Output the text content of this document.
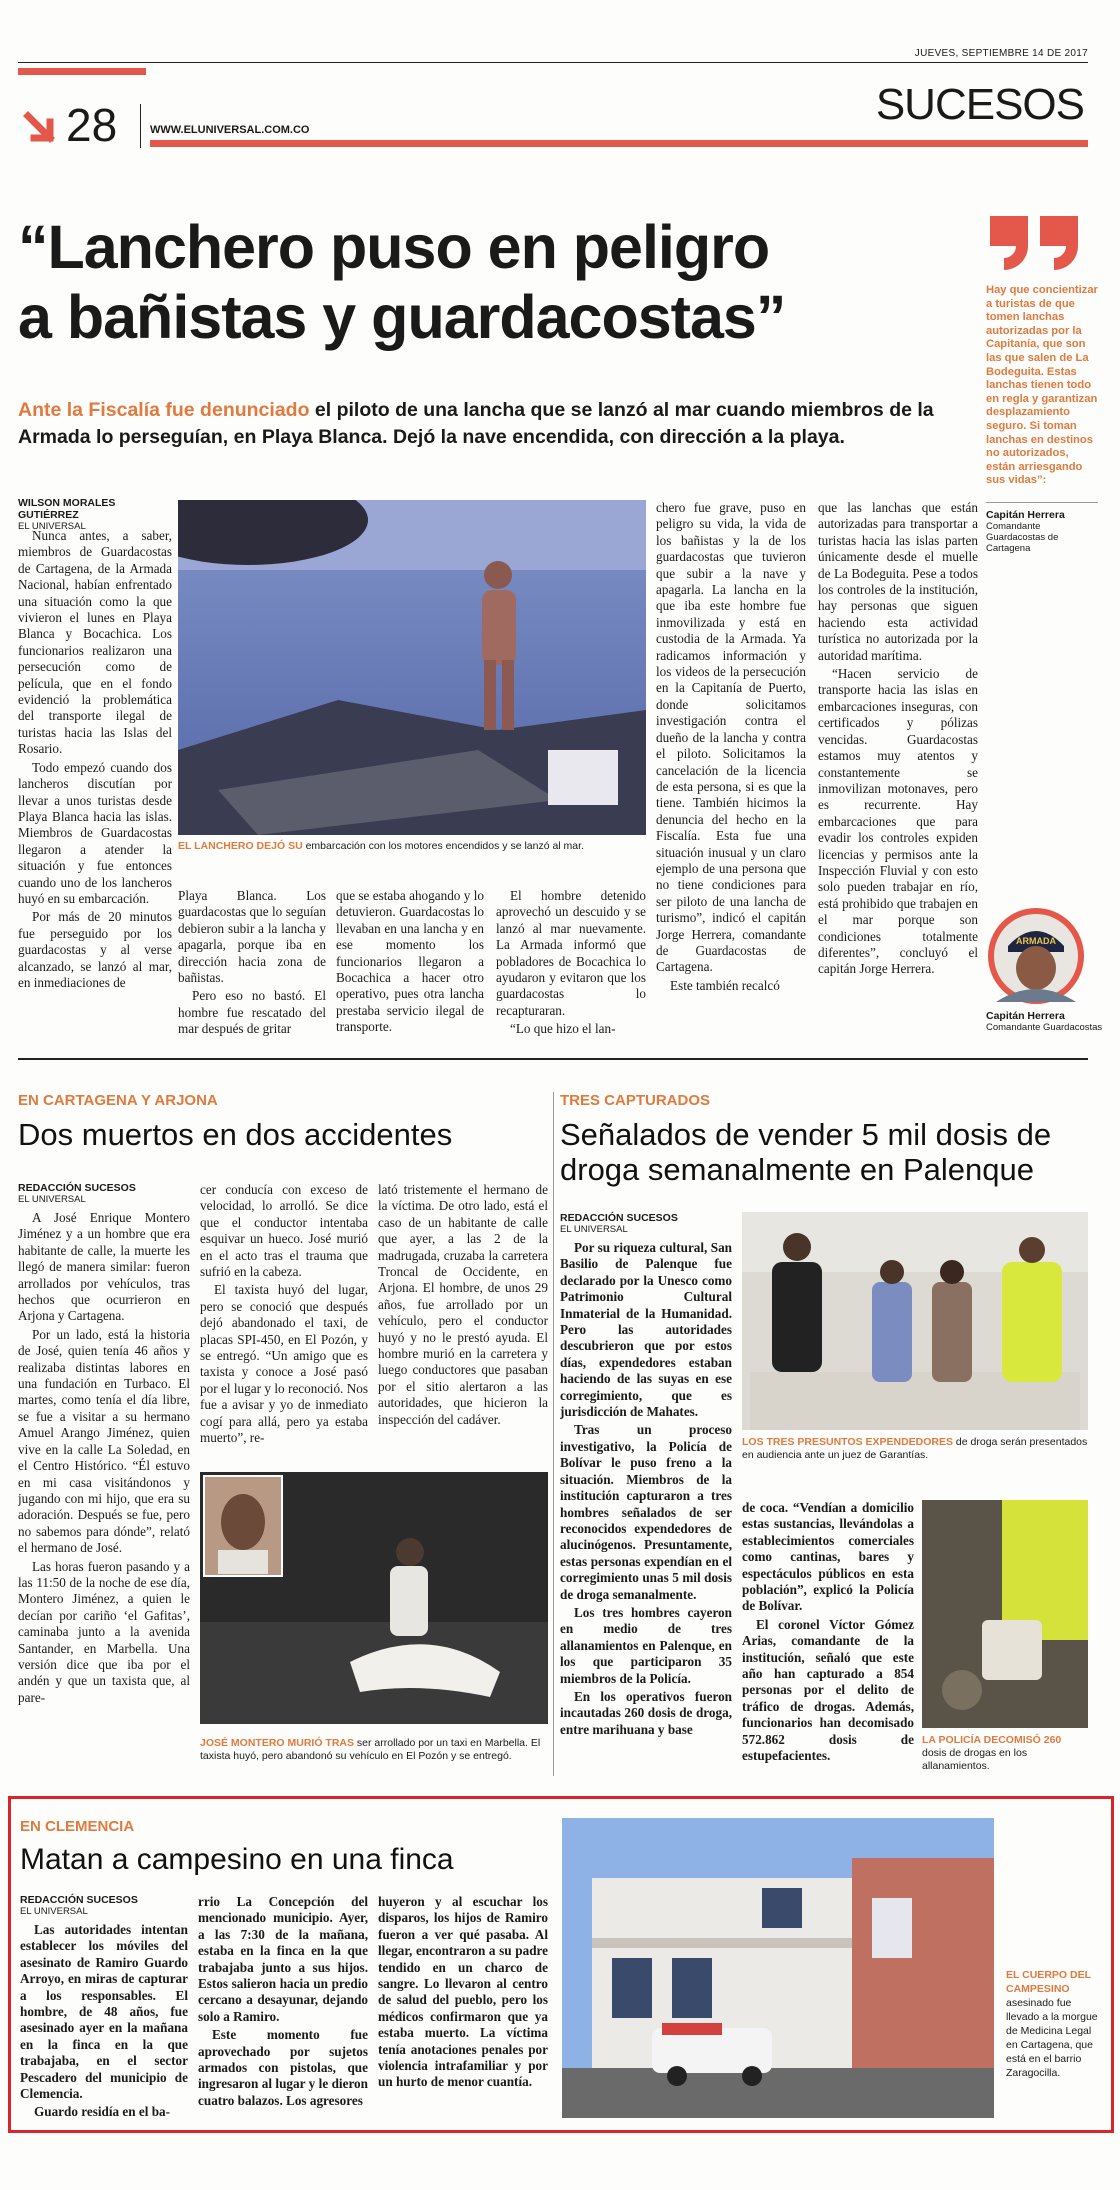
JUEVES, SEPTIEMBRE 14 DE 2017
28	WWW.ELUNIVERSAL.COM.CO
SUCESOS
“Lanchero puso en peligro
a bañistas y guardacostas”
Ante la Fiscalía fue denunciado el piloto de una lancha que se lanzó al mar cuando miembros de la Armada lo perseguían, en Playa Blanca. Dejó la nave encendida, con dirección a la playa.
Hay que concientizar a turistas de que tomen lanchas autorizadas por la Capitanía, que son las que salen de La Bodeguita. Estas lanchas tienen todo en regla y garantizan desplazamiento seguro. Si toman lanchas en destinos no autorizados, están arriesgando sus vidas”:
Capitán Herrera
Comandante Guardacostas de Cartagena
WILSON MORALES GUTIÉRREZ
EL UNIVERSAL

Nunca antes, a saber, miembros de Guardacostas de Cartagena, de la Armada Nacional, habían enfrentado una situación como la que vivieron el lunes en Playa Blanca y Bocachica. Los funcionarios realizaron una persecución como de película, que en el fondo evidenció la problemática del transporte ilegal de turistas hacia las Islas del Rosario.

Todo empezó cuando dos lancheros discutían por llevar a unos turistas desde Playa Blanca hacia las islas. Miembros de Guardacostas llegaron a atender la situación y fue entonces cuando uno de los lancheros huyó en su embarcación.

Por más de 20 minutos fue perseguido por los guardacostas y al verse alcanzado, se lanzó al mar, en inmediaciones de

EL LANCHERO DEJÓ SU embarcación con los motores encendidos y se lanzó al mar.

Playa Blanca. Los guardacostas que lo seguían debieron subir a la lancha y apagarla, porque iba en dirección hacia zona de bañistas.

Pero eso no bastó. El hombre fue rescatado del mar después de gritar

que se estaba ahogando y lo detuvieron. Guardacostas lo llevaban en una lancha y en ese momento los funcionarios llegaron a Bocachica a hacer otro operativo, pues otra lancha prestaba servicio ilegal de transporte.

El hombre detenido aprovechó un descuido y se lanzó al mar nuevamente. La Armada informó que pobladores de Bocachica lo ayudaron y evitaron que los guardacostas lo recapturaran.

“Lo que hizo el lan-

chero fue grave, puso en peligro su vida, la vida de los bañistas y la de los guardacostas que tuvieron que subir a la nave y apagarla. La lancha en la que iba este hombre fue inmovilizada y está en custodia de la Armada. Ya radicamos información y los videos de la persecución en la Capitanía de Puerto, donde solicitamos investigación contra el dueño de la lancha y contra el piloto. Solicitamos la cancelación de la licencia de esta persona, si es que la tiene. También hicimos la denuncia del hecho en la Fiscalía. Esta fue una situación inusual y un claro ejemplo de una persona que no tiene condiciones para ser piloto de una lancha de turismo”, indicó el capitán Jorge Herrera, comandante de Guardacostas de Cartagena.

Este también recalcó

que las lanchas que están autorizadas para transportar a turistas hacia las islas parten únicamente desde el muelle de La Bodeguita. Pese a todos los controles de la institución, hay personas que siguen haciendo esta actividad turística no autorizada por la autoridad marítima.

“Hacen servicio de transporte hacia las islas en embarcaciones inseguras, con certificados y pólizas vencidas. Guardacostas estamos muy atentos y constantemente se inmovilizan motonaves, pero es recurrente. Hay embarcaciones que para evadir los controles expiden licencias y permisos ante la Inspección Fluvial y con esto solo pueden trabajar en río, está prohibido que trabajen en el mar porque son condiciones totalmente diferentes”, concluyó el capitán Jorge Herrera.

ARMADA
Capitán Herrera
Comandante Guardacostas
EN CARTAGENA Y ARJONA
Dos muertos en dos accidentes
REDACCIÓN SUCESOS
EL UNIVERSAL

A José Enrique Montero Jiménez y a un hombre que era habitante de calle, la muerte les llegó de manera similar: fueron arrollados por vehículos, tras hechos que ocurrieron en Arjona y Cartagena.

Por un lado, está la historia de José, quien tenía 46 años y realizaba distintas labores en una fundación en Turbaco. El martes, como tenía el día libre, se fue a visitar a su hermano Amuel Arango Jiménez, quien vive en la calle La Soledad, en el Centro Histórico. “Él estuvo en mi casa visitándonos y jugando con mi hijo, que era su adoración. Después se fue, pero no sabemos para dónde”, relató el hermano de José.

Las horas fueron pasando y a las 11:50 de la noche de ese día, Montero Jiménez, a quien le decían por cariño ‘el Gafitas’, caminaba junto a la avenida Santander, en Marbella. Una versión dice que iba por el andén y que un taxista que, al pare-

cer conducía con exceso de velocidad, lo arrolló. Se dice que el conductor intentaba esquivar un hueco. José murió en el acto tras el trauma que sufrió en la cabeza.

El taxista huyó del lugar, pero se conoció que después dejó abandonado el taxi, de placas SPI-450, en El Pozón, y se entregó. “Un amigo que es taxista y conoce a José pasó por el lugar y lo reconoció. Nos fue a avisar y yo de inmediato cogí para allá, pero ya estaba muerto”, re-

lató tristemente el hermano de la víctima. De otro lado, está el caso de un habitante de calle que ayer, a las 2 de la madrugada, cruzaba la carretera Troncal de Occidente, en Arjona. El hombre, de unos 29 años, fue arrollado por un vehículo, pero el conductor huyó y no le prestó ayuda. El hombre murió en la carretera y luego conductores que pasaban por el sitio alertaron a las autoridades, que hicieron la inspección del cadáver.

JOSÉ MONTERO MURIÓ TRAS ser arrollado por un taxi en Marbella. El taxista huyó, pero abandonó su vehículo en El Pozón y se entregó.
TRES CAPTURADOS
Señalados de vender 5 mil dosis de
droga semanalmente en Palenque
REDACCIÓN SUCESOS
EL UNIVERSAL

Por su riqueza cultural, San Basilio de Palenque fue declarado por la Unesco como Patrimonio Cultural Inmaterial de la Humanidad. Pero las autoridades descubrieron que por estos días, expendedores estaban haciendo de las suyas en ese corregimiento, que es jurisdicción de Mahates.

Tras un proceso investigativo, la Policía de Bolívar le puso freno a la situación. Miembros de la institución capturaron a tres hombres señalados de ser reconocidos expendedores de alucinógenos. Presuntamente, estas personas expendían en el corregimiento unas 5 mil dosis de droga semanalmente.

Los tres hombres cayeron en medio de tres allanamientos en Palenque, en los que participaron 35 miembros de la Policía.

En los operativos fueron incautadas 260 dosis de droga, entre marihuana y base

LOS TRES PRESUNTOS EXPENDEDORES de droga serán presentados en audiencia ante un juez de Garantías.

de coca. “Vendían a domicilio estas sustancias, llevándolas a establecimientos comerciales como cantinas, bares y espectáculos públicos en esta población”, explicó la Policía de Bolívar.

El coronel Víctor Gómez Arias, comandante de la institución, señaló que este año han capturado a 854 personas por el delito de tráfico de drogas. Además, funcionarios han decomisado 572.862 dosis de estupefacientes.

LA POLICÍA DECOMISÓ 260 dosis de drogas en los allanamientos.
EN CLEMENCIA
Matan a campesino en una finca
REDACCIÓN SUCESOS
EL UNIVERSAL

Las autoridades intentan establecer los móviles del asesinato de Ramiro Guardo Arroyo, en miras de capturar a los responsables. El hombre, de 48 años, fue asesinado ayer en la mañana en la finca en la que trabajaba, en el sector Pescadero del municipio de Clemencia.

Guardo residía en el ba-

rrio La Concepción del mencionado municipio. Ayer, a las 7:30 de la mañana, estaba en la finca en la que trabajaba junto a sus hijos. Estos salieron hacia un predio cercano a desayunar, dejando solo a Ramiro.

Este momento fue aprovechado por sujetos armados con pistolas, que ingresaron al lugar y le dieron cuatro balazos. Los agresores

huyeron y al escuchar los disparos, los hijos de Ramiro fueron a ver qué pasaba. Al llegar, encontraron a su padre tendido en un charco de sangre. Lo llevaron al centro de salud del pueblo, pero los médicos confirmaron que ya estaba muerto. La víctima tenía anotaciones penales por violencia intrafamiliar y por un hurto de menor cuantía.

EL CUERPO DEL CAMPESINO asesinado fue llevado a la morgue de Medicina Legal en Cartagena, que está en el barrio Zaragocilla.
